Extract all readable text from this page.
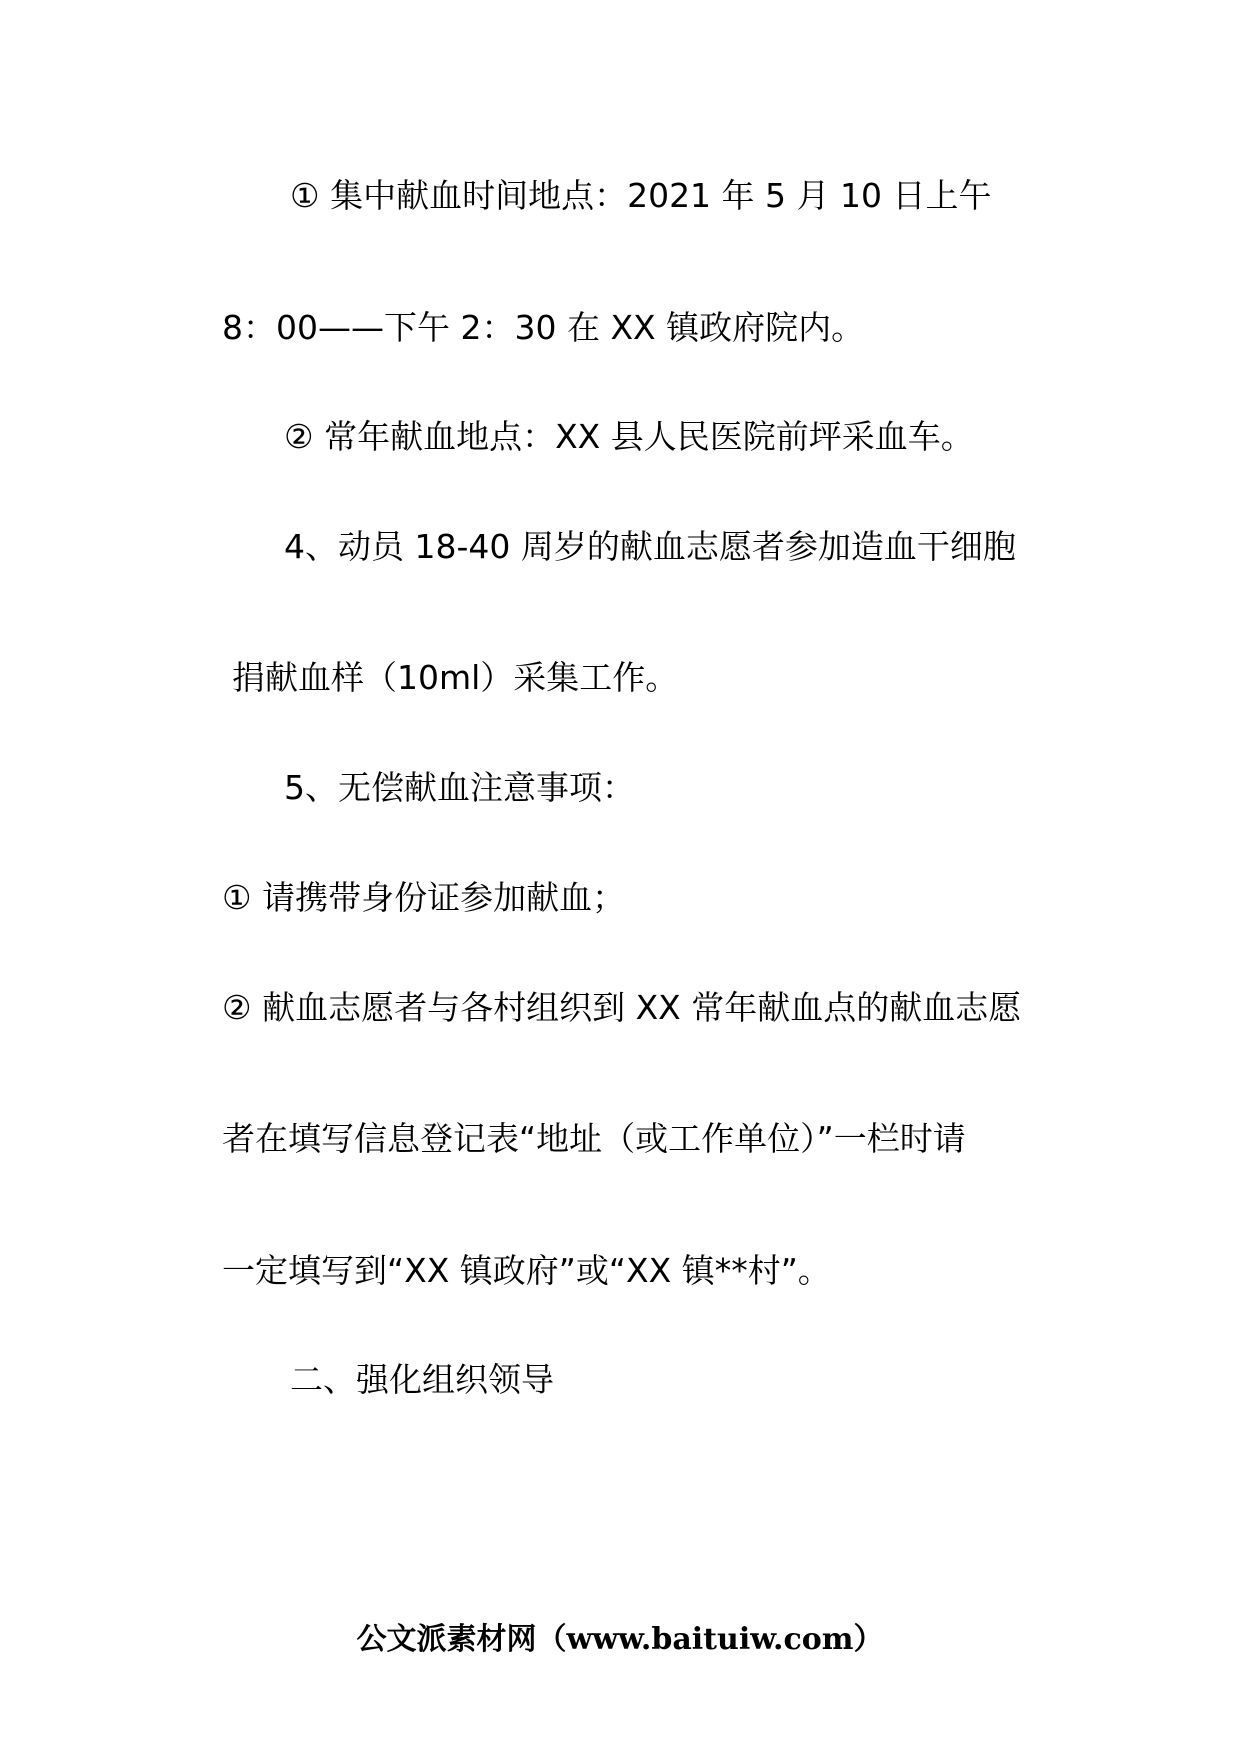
① 集中献血时间地点：2021 年 5 月 10 日上午
8：00——下午 2：30 在 XX 镇政府院内。
② 常年献血地点：XX 县人民医院前坪采血车。
4、动员 18-40 周岁的献血志愿者参加造血干细胞
捐献血样（10ml）采集工作。
5、无偿献血注意事项：
① 请携带身份证参加献血；
② 献血志愿者与各村组织到 XX 常年献血点的献血志愿
者在填写信息登记表“地址（或工作单位）”一栏时请
一定填写到“XX 镇政府”或“XX 镇**村”。
二、强化组织领导
公文派素材网（www.baituiw.com）
